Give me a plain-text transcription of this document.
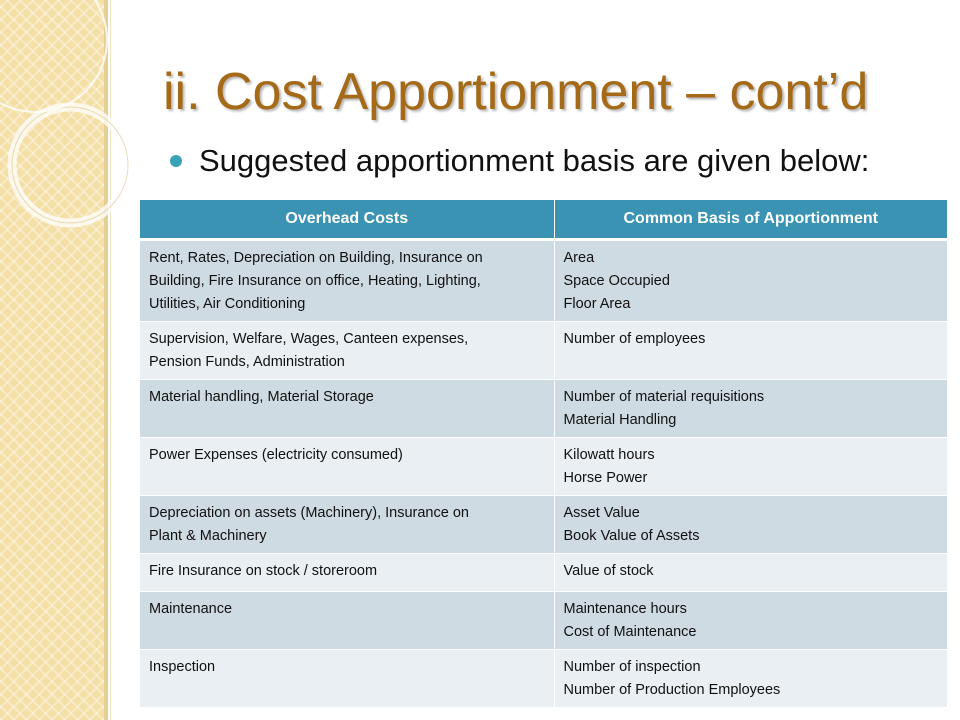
ii. Cost Apportionment – cont’d
Suggested apportionment basis are given below:
Overhead Costs	Common Basis of Apportionment

Rent, Rates, Depreciation on Building, Insurance on
Building, Fire Insurance on office, Heating, Lighting,
Utilities, Air Conditioning	Area
Space Occupied
Floor Area

Supervision, Welfare, Wages, Canteen expenses,
Pension Funds, Administration	Number of employees

Material handling, Material Storage	Number of material requisitions
Material Handling

Power Expenses (electricity consumed)	Kilowatt hours
Horse Power

Depreciation on assets (Machinery), Insurance on
Plant & Machinery	Asset Value
Book Value of Assets

Fire Insurance on stock / storeroom	Value of stock

Maintenance	Maintenance hours
Cost of Maintenance

Inspection	Number of inspection
Number of Production Employees
